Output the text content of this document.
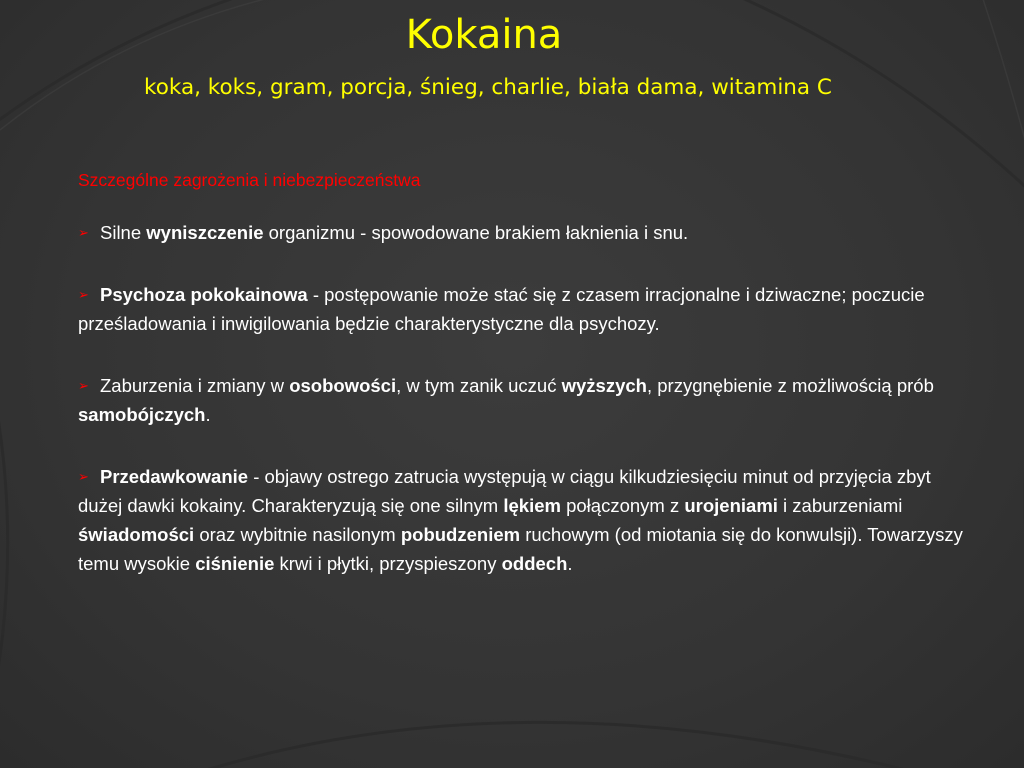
Kokaina
koka, koks, gram, porcja, śnieg, charlie, biała dama, witamina C
Szczególne zagrożenia i niebezpieczeństwa
➢ Silne wyniszczenie organizmu - spowodowane brakiem łaknienia i snu.
➢ Psychoza pokokainowa - postępowanie może stać się z czasem irracjonalne i dziwaczne; poczucie prześladowania i inwigilowania będzie charakterystyczne dla psychozy.
➢ Zaburzenia i zmiany w osobowości, w tym zanik uczuć wyższych, przygnębienie z możliwością prób samobójczych.
➢ Przedawkowanie - objawy ostrego zatrucia występują w ciągu kilkudziesięciu minut od przyjęcia zbyt dużej dawki kokainy. Charakteryzują się one silnym lękiem połączonym z urojeniami i zaburzeniami świadomości oraz wybitnie nasilonym pobudzeniem ruchowym (od miotania się do konwulsji). Towarzyszy temu wysokie ciśnienie krwi i płytki, przyspieszony oddech.
